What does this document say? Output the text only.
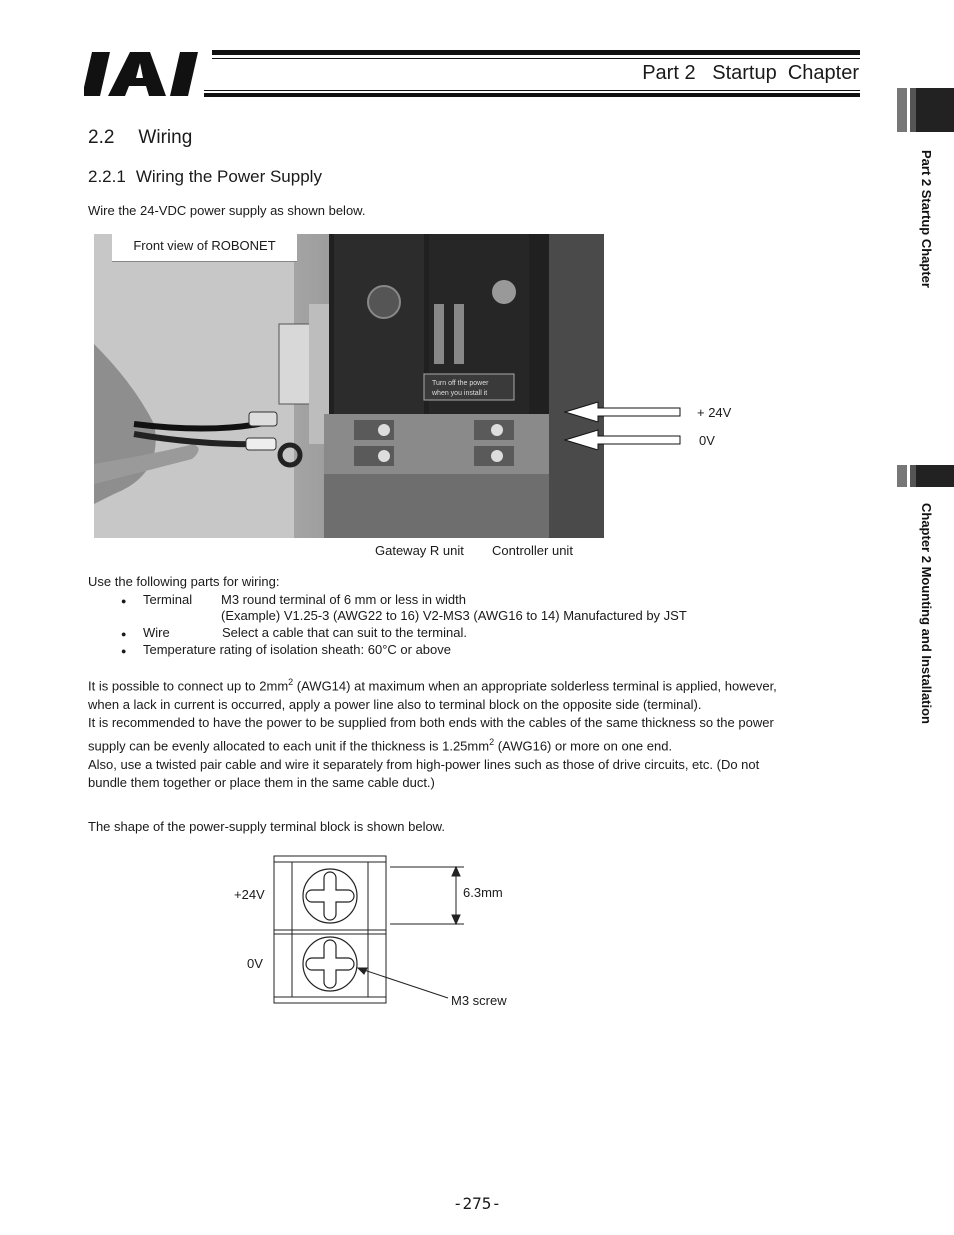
Part 2   Startup  Chapter
Part 2 Startup Chapter
Chapter 2 Mounting and Installation
2.2 Wiring
2.2.1 Wiring the Power Supply
Wire the 24-VDC power supply as shown below.
Turn off the power
when you install it
Front view of ROBONET
+ 24V
0V
Gateway R unit Controller unit
Use the following parts for wiring:
● Terminal M3 round terminal of 6 mm or less in width
(Example) V1.25-3 (AWG22 to 16) V2-MS3 (AWG16 to 14) Manufactured by JST
● Wire	Select a cable that can suit to the terminal.
● Temperature rating of isolation sheath: 60°C or above
It is possible to connect up to $2mm^2$ (AWG14) at maximum when an appropriate solderless terminal is applied, however,
when a lack in current is occurred, apply a power line also to terminal block on the opposite side (terminal).
It is recommended to have the power to be supplied from both ends with the cables of the same thickness so the power
supply can be evenly allocated to each unit if the thickness is $1.25mm^2$ (AWG16) or more on one end.
Also, use a twisted pair cable and wire it separately from high-power lines such as those of drive circuits, etc. (Do not
bundle them together or place them in the same cable duct.)
The shape of the power-supply terminal block is shown below.
+24V
0V
6.3mm
M3 screw
-275-
